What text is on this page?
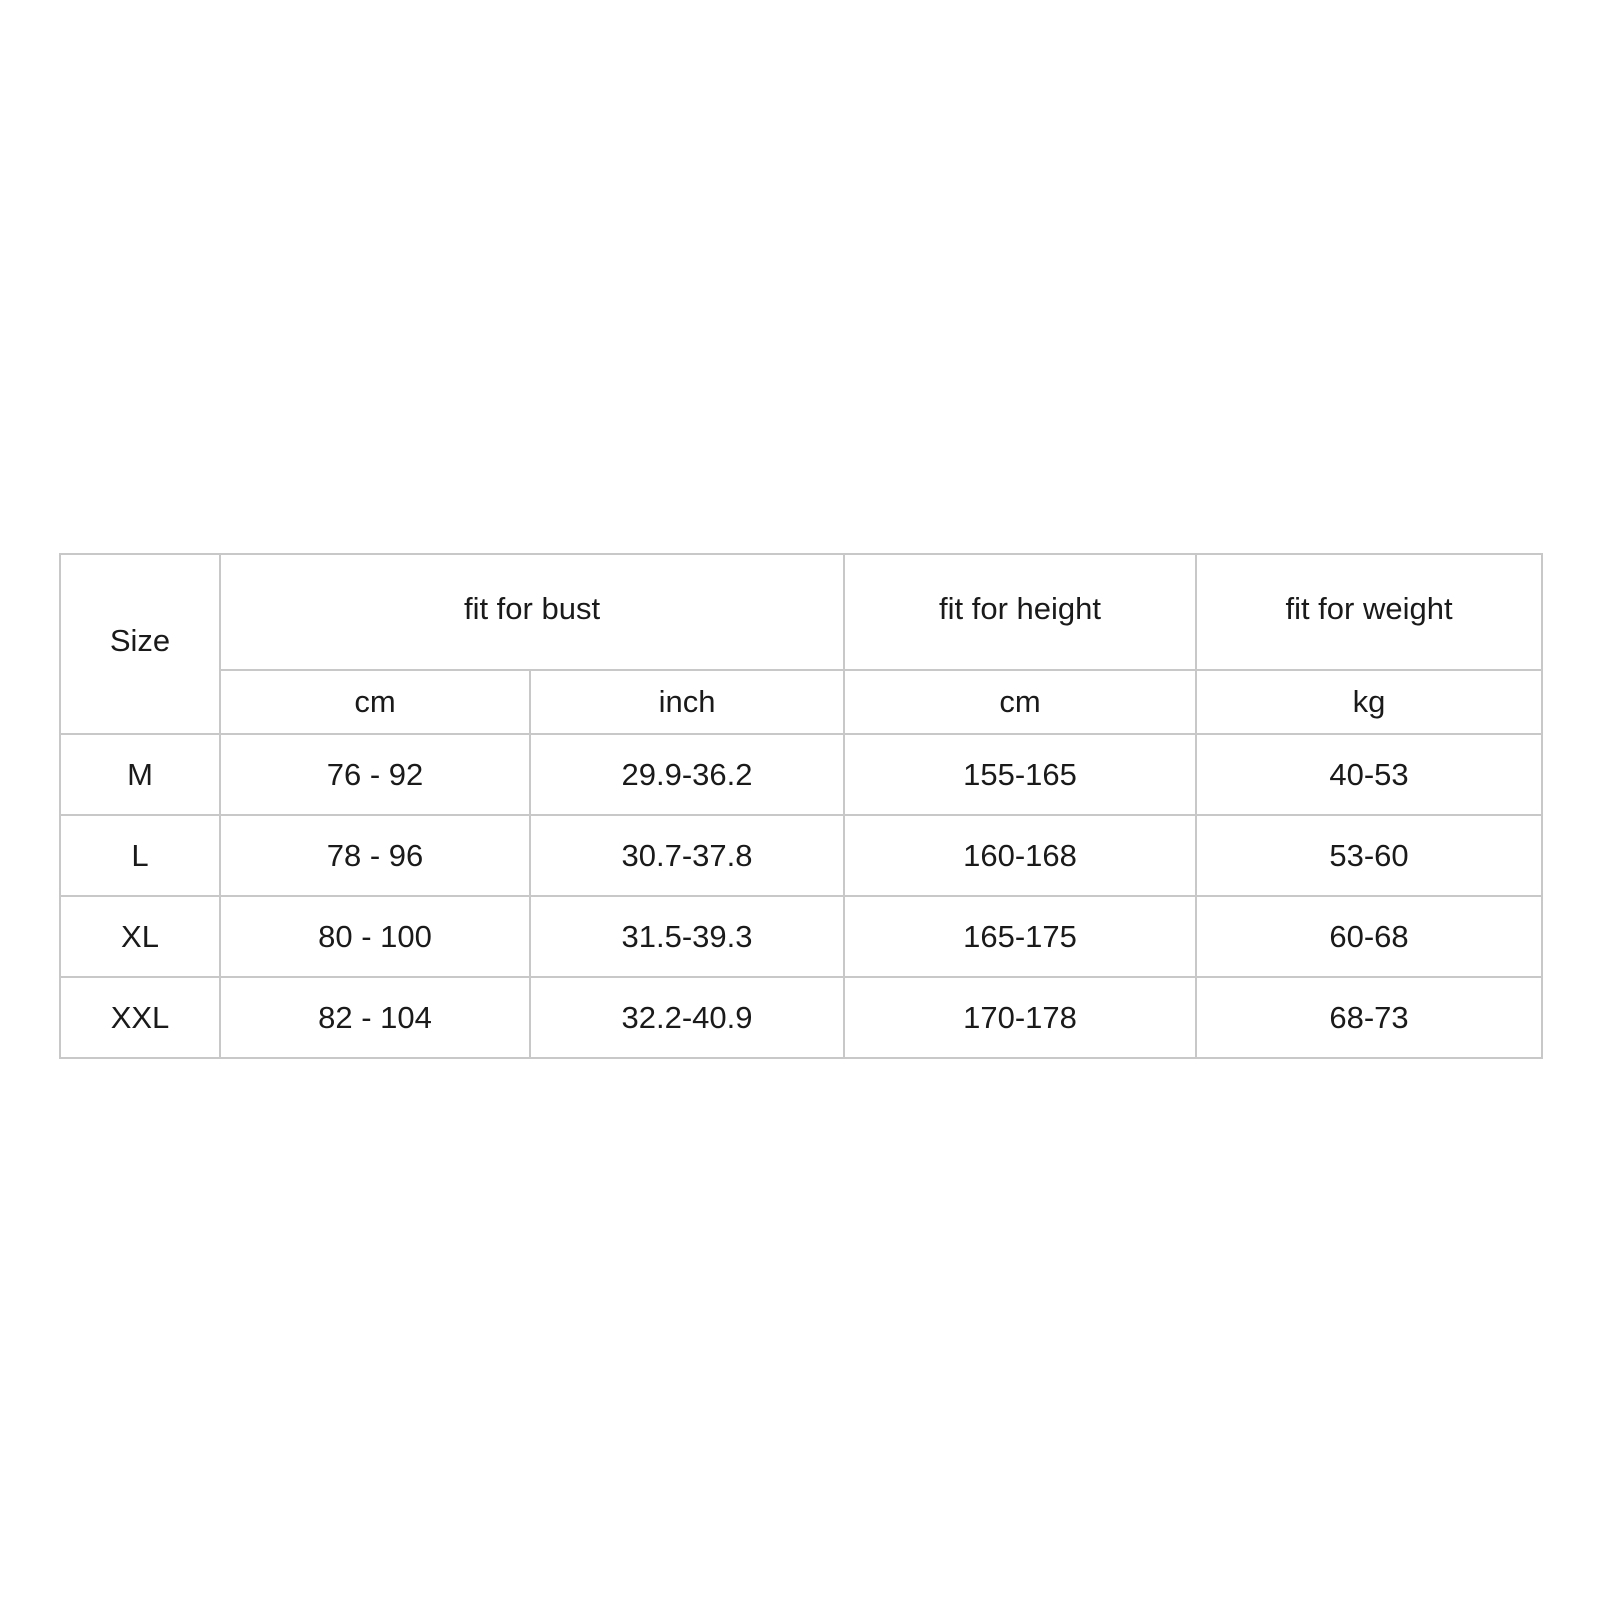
Size	fit for bust		fit for height	fit for weight
	cm	inch	cm	kg
M	76 - 92	29.9-36.2	155-165	40-53
L	78 - 96	30.7-37.8	160-168	53-60
XL	80 - 100	31.5-39.3	165-175	60-68
XXL	82 - 104	32.2-40.9	170-178	68-73
